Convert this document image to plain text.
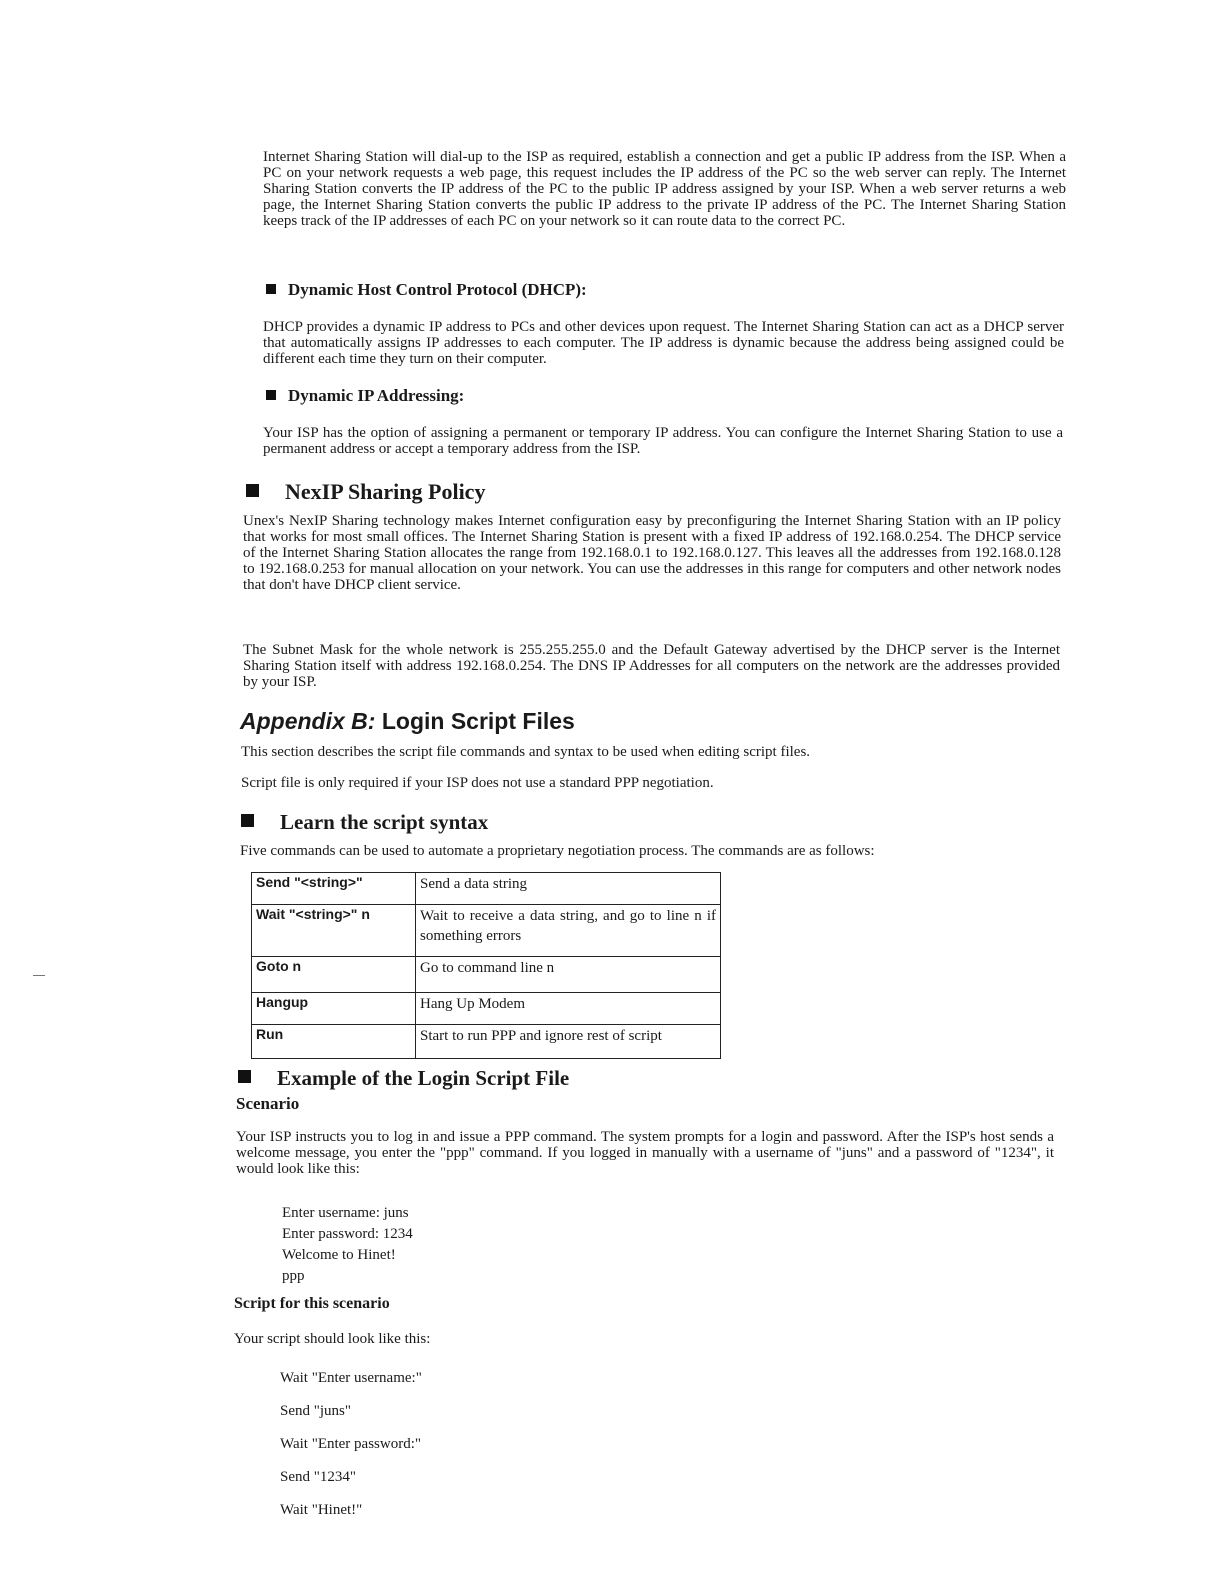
Internet Sharing Station will dial-up to the ISP as required, establish a connection and get a public IP address from the ISP. When a PC on your network requests a web page, this request includes the IP address of the PC so the web server can reply. The Internet Sharing Station converts the IP address of the PC to the public IP address assigned by your ISP. When a web server returns a web page, the Internet Sharing Station converts the public IP address to the private IP address of the PC. The Internet Sharing Station keeps track of the IP addresses of each PC on your network so it can route data to the correct PC.

Dynamic Host Control Protocol (DHCP):

DHCP provides a dynamic IP address to PCs and other devices upon request. The Internet Sharing Station can act as a DHCP server that automatically assigns IP addresses to each computer. The IP address is dynamic because the address being assigned could be different each time they turn on their computer.

Dynamic IP Addressing:

Your ISP has the option of assigning a permanent or temporary IP address. You can configure the Internet Sharing Station to use a permanent address or accept a temporary address from the ISP.

NexIP Sharing Policy

Unex's NexIP Sharing technology makes Internet configuration easy by preconfiguring the Internet Sharing Station with an IP policy that works for most small offices. The Internet Sharing Station is present with a fixed IP address of 192.168.0.254. The DHCP service of the Internet Sharing Station allocates the range from 192.168.0.1 to 192.168.0.127. This leaves all the addresses from 192.168.0.128 to 192.168.0.253 for manual allocation on your network. You can use the addresses in this range for computers and other network nodes that don't have DHCP client service.

The Subnet Mask for the whole network is 255.255.255.0 and the Default Gateway advertised by the DHCP server is the Internet Sharing Station itself with address 192.168.0.254. The DNS IP Addresses for all computers on the network are the addresses provided by your ISP.

Appendix B: Login Script Files

This section describes the script file commands and syntax to be used when editing script files.

Script file is only required if your ISP does not use a standard PPP negotiation.

Learn the script syntax

Five commands can be used to automate a proprietary negotiation process. The commands are as follows:

Send "<string>"	Send a data string
Wait "<string>" n	Wait to receive a data string, and go to line n if something errors
Goto n	Go to command line n
Hangup	Hang Up Modem
Run	Start to run PPP and ignore rest of script
Example of the Login Script File

Scenario

Your ISP instructs you to log in and issue a PPP command. The system prompts for a login and password. After the ISP's host sends a welcome message, you enter the "ppp" command. If you logged in manually with a username of "juns" and a password of "1234", it would look like this:

Enter username: juns
Enter password: 1234
Welcome to Hinet!
ppp

Script for this scenario

Your script should look like this:

Wait "Enter username:"
Send "juns"
Wait "Enter password:"
Send "1234"
Wait "Hinet!"
